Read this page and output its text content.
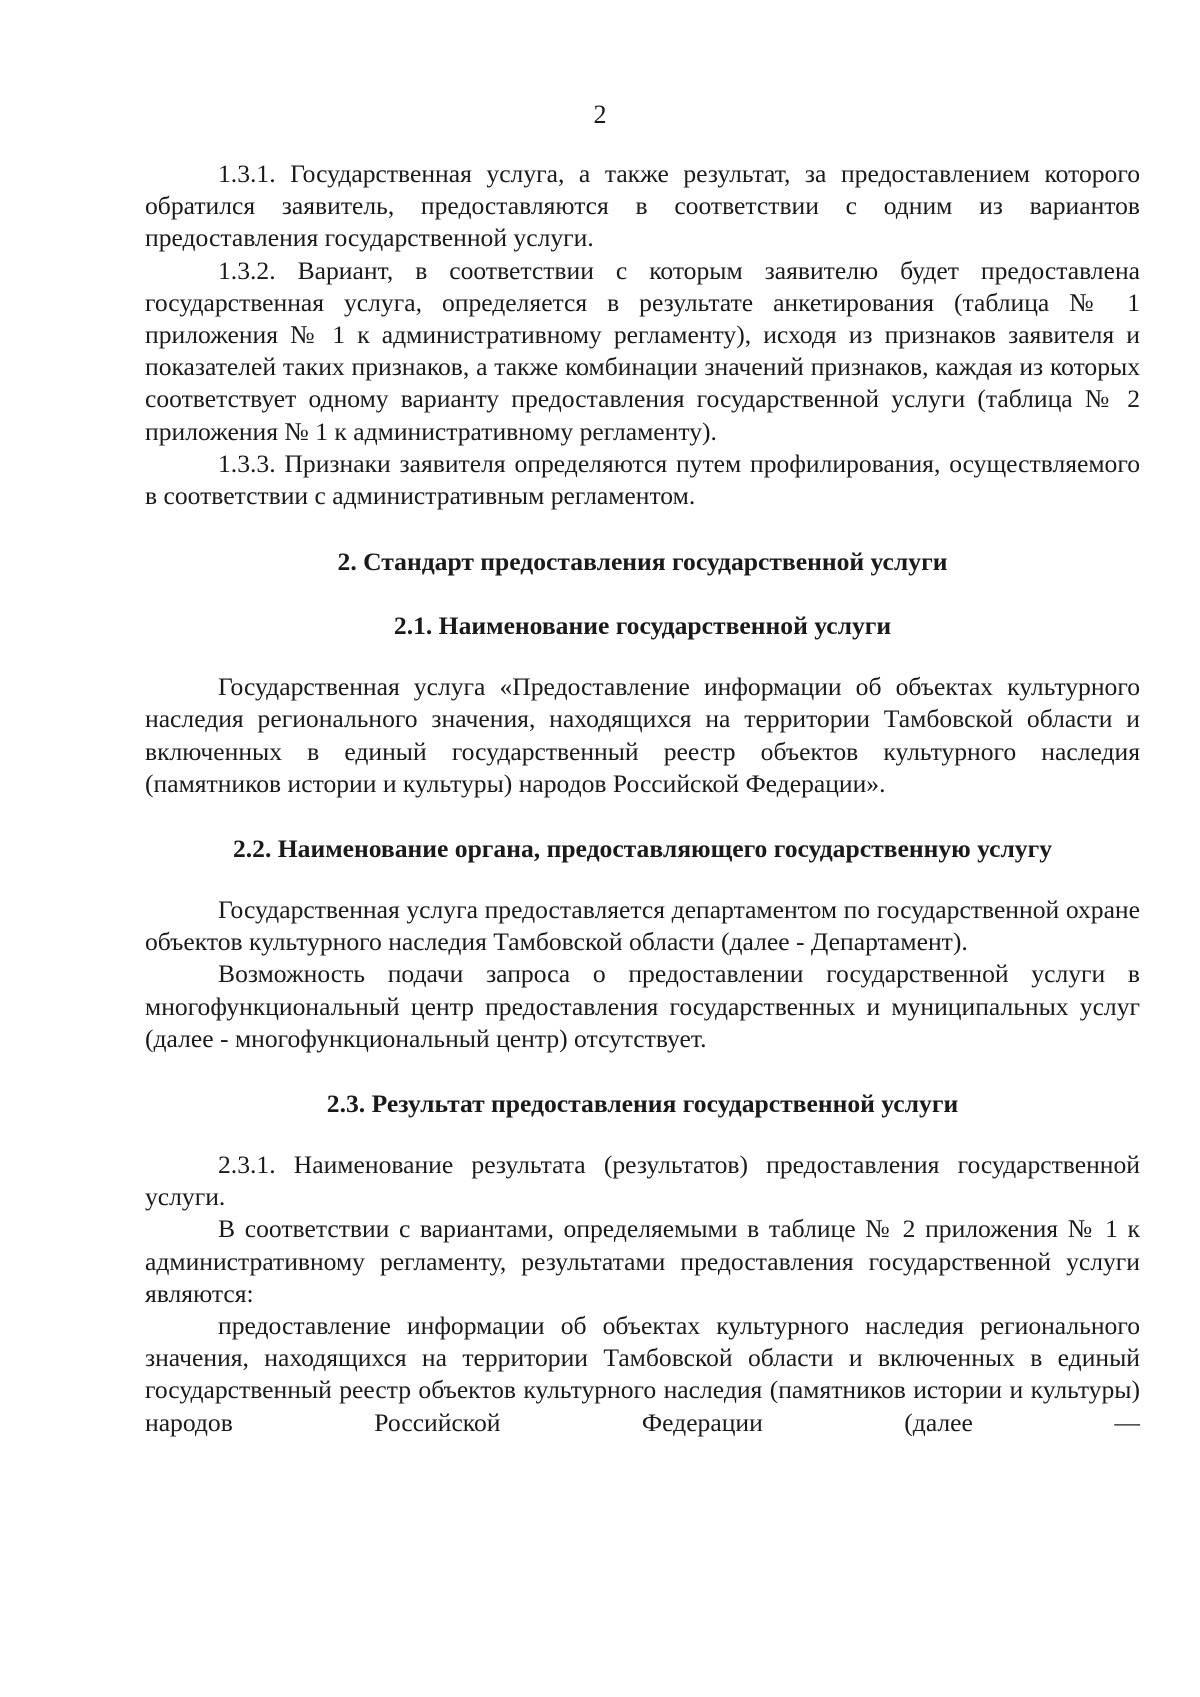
2

1.3.1. Государственная услуга, а также результат, за предоставлением которого обратился заявитель, предоставляются в соответствии с одним из вариантов предоставления государственной услуги.

1.3.2. Вариант, в соответствии с которым заявителю будет предоставлена государственная услуга, определяется в результате анкетирования (таблица № 1 приложения № 1 к административному регламенту), исходя из признаков заявителя и показателей таких признаков, а также комбинации значений признаков, каждая из которых соответствует одному варианту предоставления государственной услуги (таблица № 2 приложения № 1 к административному регламенту).

1.3.3. Признаки заявителя определяются путем профилирования, осуществляемого в соответствии с административным регламентом.

2. Стандарт предоставления государственной услуги
2.1. Наименование государственной услуги

Государственная услуга «Предоставление информации об объектах культурного наследия регионального значения, находящихся на территории Тамбовской области и включенных в единый государственный реестр объектов культурного наследия (памятников истории и культуры) народов Российской Федерации».

2.2. Наименование органа, предоставляющего государственную услугу

Государственная услуга предоставляется департаментом по государственной охране объектов культурного наследия Тамбовской области (далее - Департамент).

Возможность подачи запроса о предоставлении государственной услуги в многофункциональный центр предоставления государственных и муниципальных услуг (далее - многофункциональный центр) отсутствует.

2.3. Результат предоставления государственной услуги

2.3.1. Наименование результата (результатов) предоставления государственной услуги.

В соответствии с вариантами, определяемыми в таблице № 2 приложения № 1 к административному регламенту, результатами предоставления государственной услуги являются:

предоставление информации об объектах культурного наследия регионального значения, находящихся на территории Тамбовской области и включенных в единый государственный реестр объектов культурного наследия (памятников истории и культуры) народов Российской Федерации (далее —
